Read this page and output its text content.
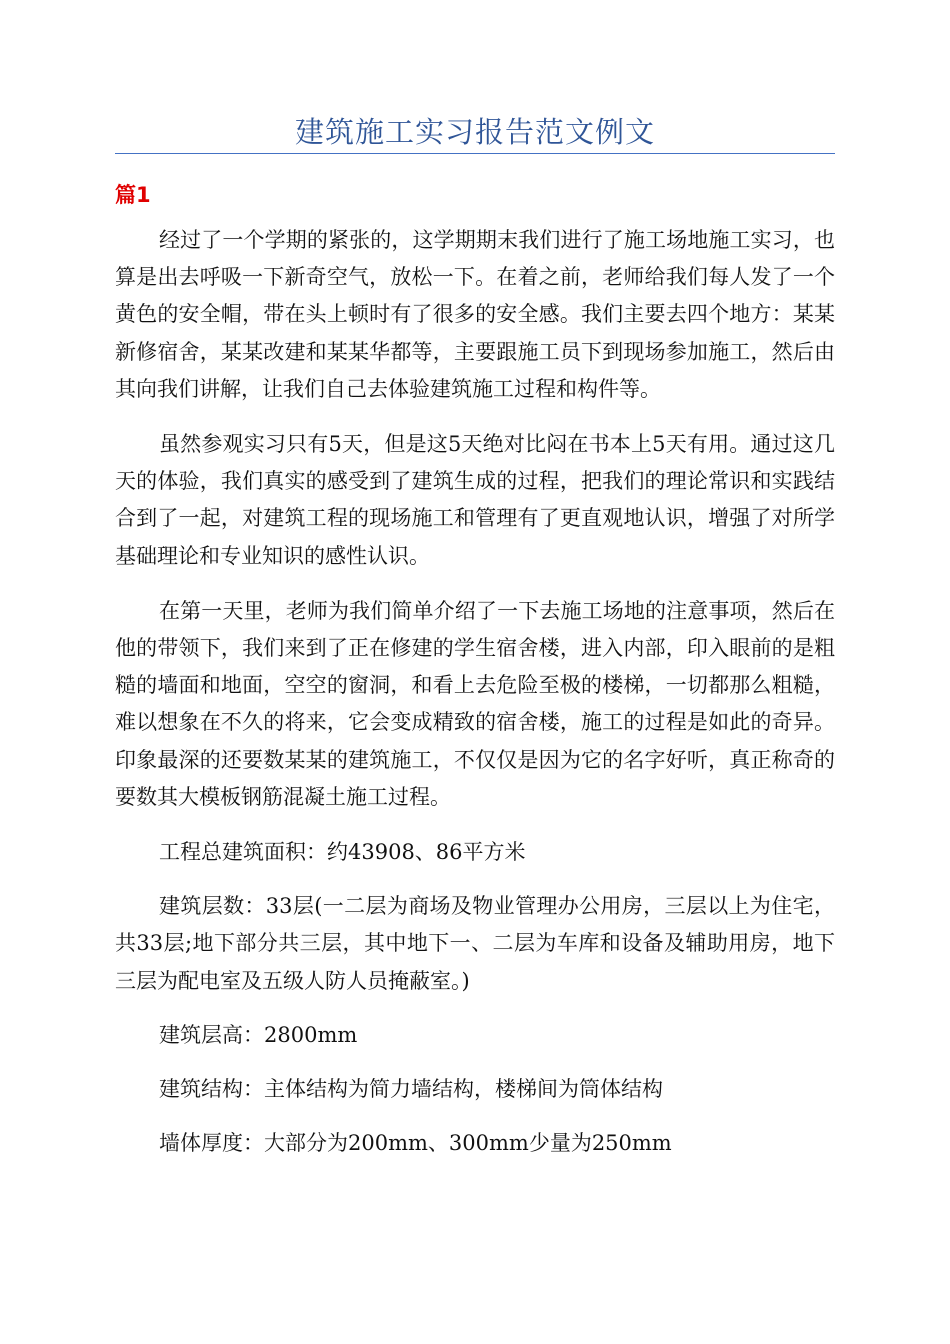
建筑施工实习报告范文例文
篇1

经过了一个学期的紧张的，这学期期末我们进行了施工场地施工实习，也算是出去呼吸一下新奇空气，放松一下。在着之前，老师给我们每人发了一个黄色的安全帽，带在头上顿时有了很多的安全感。我们主要去四个地方：某某新修宿舍，某某改建和某某华都等，主要跟施工员下到现场参加施工，然后由其向我们讲解，让我们自己去体验建筑施工过程和构件等。

虽然参观实习只有5天，但是这5天绝对比闷在书本上5天有用。通过这几天的体验，我们真实的感受到了建筑生成的过程，把我们的理论常识和实践结合到了一起，对建筑工程的现场施工和管理有了更直观地认识，增强了对所学基础理论和专业知识的感性认识。

在第一天里，老师为我们简单介绍了一下去施工场地的注意事项，然后在他的带领下，我们来到了正在修建的学生宿舍楼，进入内部，印入眼前的是粗糙的墙面和地面，空空的窗洞，和看上去危险至极的楼梯，一切都那么粗糙，难以想象在不久的将来，它会变成精致的宿舍楼，施工的过程是如此的奇异。印象最深的还要数某某的建筑施工，不仅仅是因为它的名字好听，真正称奇的要数其大模板钢筋混凝土施工过程。

工程总建筑面积：约43908、86平方米

建筑层数：33层(一二层为商场及物业管理办公用房，三层以上为住宅，共33层;地下部分共三层，其中地下一、二层为车库和设备及辅助用房，地下三层为配电室及五级人防人员掩蔽室。)

建筑层高：2800mm

建筑结构：主体结构为简力墙结构，楼梯间为筒体结构

墙体厚度：大部分为200mm、300mm少量为250mm
